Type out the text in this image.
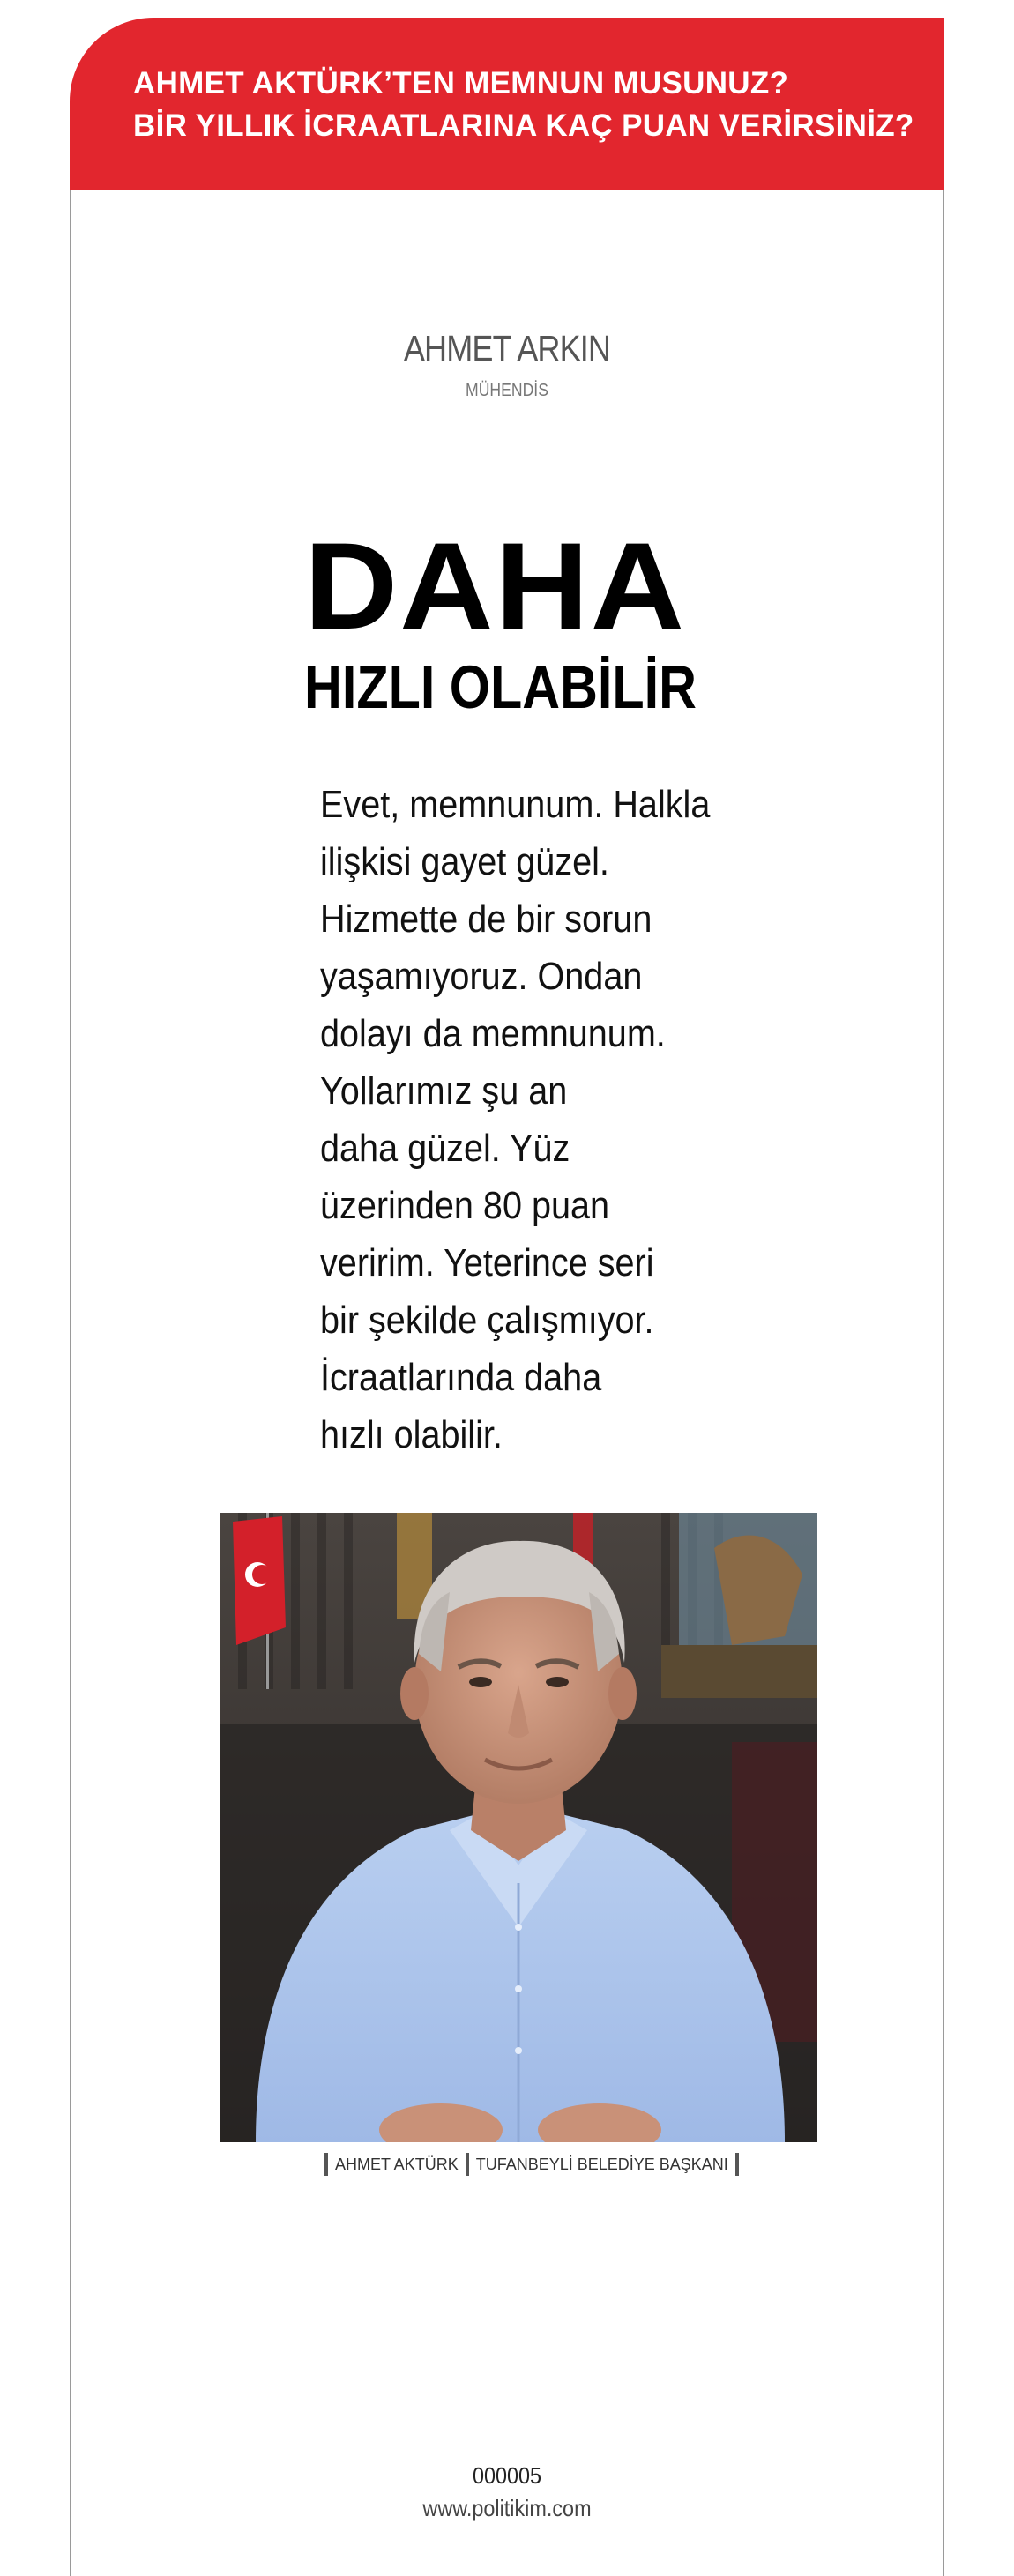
AHMET AKTÜRK’TEN MEMNUN MUSUNUZ?
BİR YILLIK İCRAATLARINA KAÇ PUAN VERİRSİNİZ?
AHMET ARKIN
MÜHENDİS
DAHA
HIZLI OLABİLİR
Evet, memnunum. Halkla
ilişkisi gayet güzel.
Hizmette de bir sorun
yaşamıyoruz. Ondan
dolayı da memnunum.
Yollarımız şu an
daha güzel. Yüz
üzerinden 80 puan
veririm. Yeterince seri
bir şekilde çalışmıyor.
İcraatlarında daha
hızlı olabilir.
AHMET AKTÜRK TUFANBEYLİ BELEDİYE BAŞKANI
000005
www.politikim.com
